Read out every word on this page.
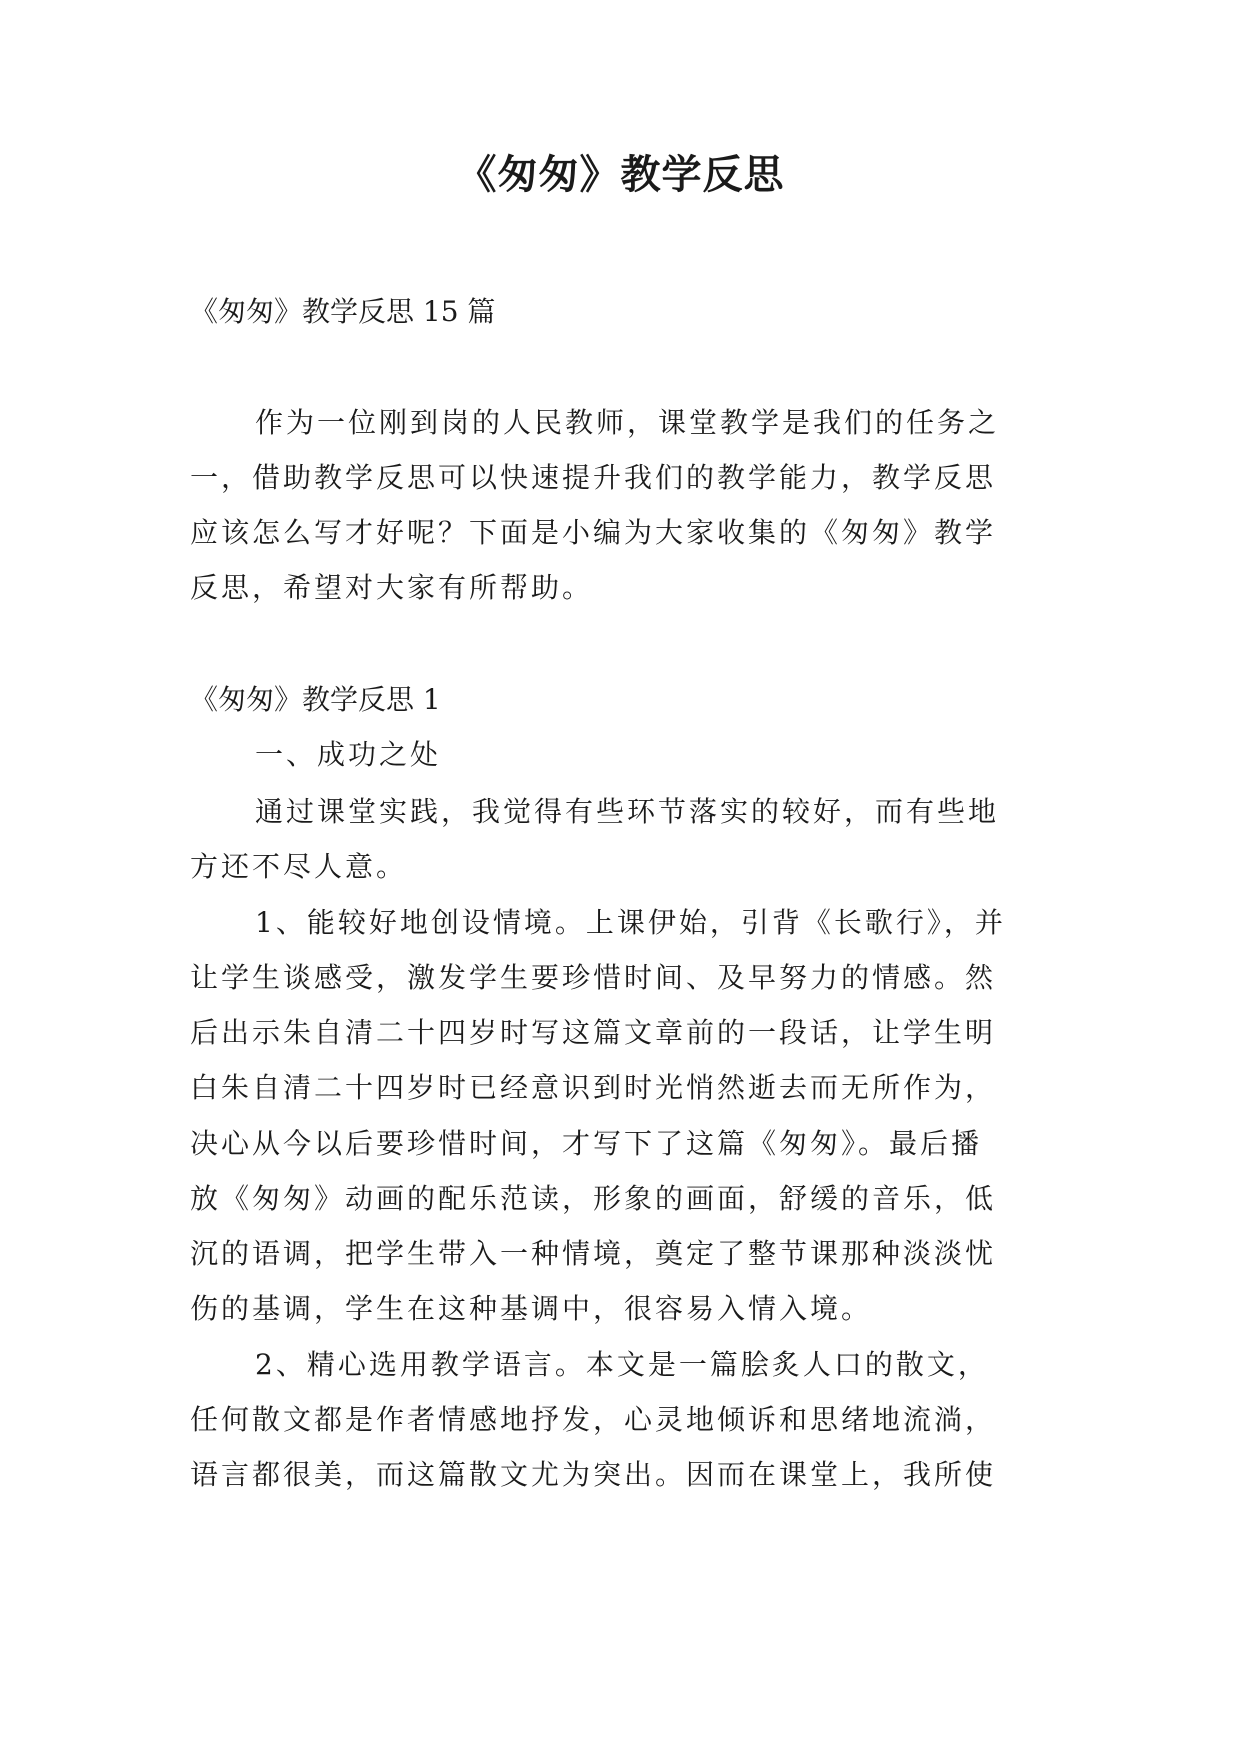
《匆匆》教学反思
《匆匆》教学反思 15 篇
作为一位刚到岗的人民教师，课堂教学是我们的任务之
一，借助教学反思可以快速提升我们的教学能力，教学反思
应该怎么写才好呢？下面是小编为大家收集的《匆匆》教学
反思，希望对大家有所帮助。
《匆匆》教学反思 1
一、成功之处
通过课堂实践，我觉得有些环节落实的较好，而有些地
方还不尽人意。
1、能较好地创设情境。上课伊始，引背《长歌行》，并
让学生谈感受，激发学生要珍惜时间、及早努力的情感。然
后出示朱自清二十四岁时写这篇文章前的一段话，让学生明
白朱自清二十四岁时已经意识到时光悄然逝去而无所作为，
决心从今以后要珍惜时间，才写下了这篇《匆匆》。最后播
放《匆匆》动画的配乐范读，形象的画面，舒缓的音乐，低
沉的语调，把学生带入一种情境，奠定了整节课那种淡淡忧
伤的基调，学生在这种基调中，很容易入情入境。
2、精心选用教学语言。本文是一篇脍炙人口的散文，
任何散文都是作者情感地抒发，心灵地倾诉和思绪地流淌，
语言都很美，而这篇散文尤为突出。因而在课堂上，我所使
